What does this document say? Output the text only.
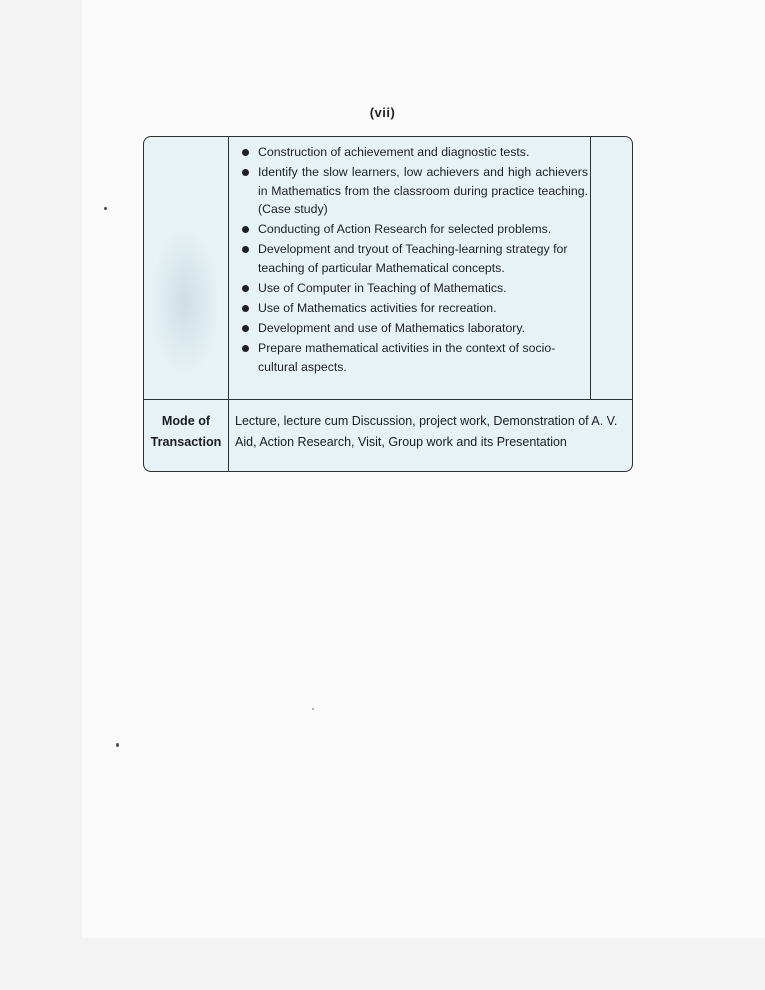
(vii)
Construction of achievement and diagnostic tests.
Identify the slow learners, low achievers and high achievers in Mathematics from the classroom during practice teaching. (Case study)
Conducting of Action Research for selected problems.
Development and tryout of Teaching-learning strategy for teaching of particular Mathematical concepts.
Use of Computer in Teaching of Mathematics.
Use of Mathematics activities for recreation.
Development and use of Mathematics laboratory.
Prepare mathematical activities in the context of socio-cultural aspects.
Mode of
Transaction
Lecture, lecture cum Discussion, project work, Demonstration of A. V. Aid, Action Research, Visit, Group work and its Presentation
